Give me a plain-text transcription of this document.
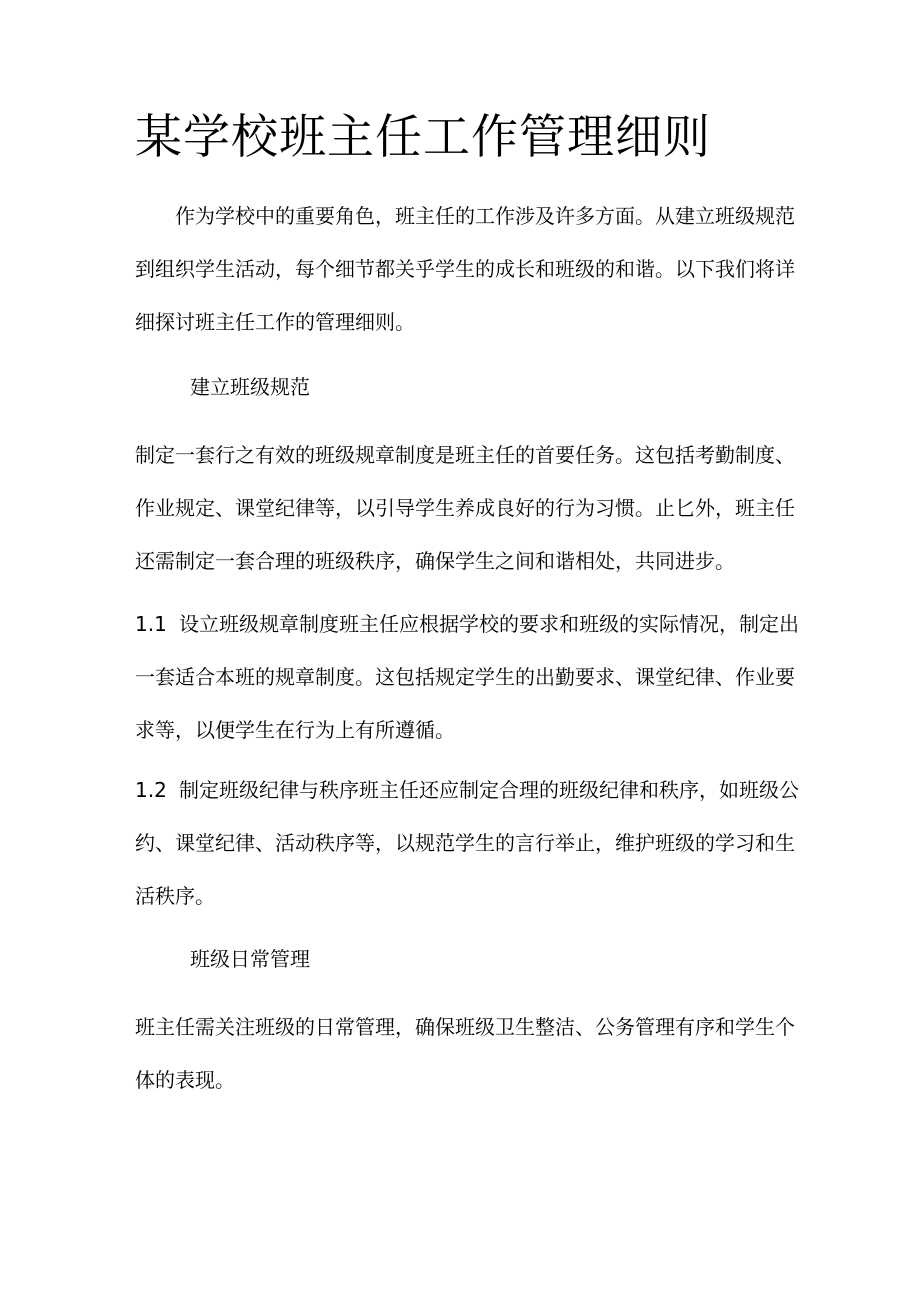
某学校班主任工作管理细则

作为学校中的重要角色，班主任的工作涉及许多方面。从建立班级规范到组织学生活动，每个细节都关乎学生的成长和班级的和谐。以下我们将详细探讨班主任工作的管理细则。

建立班级规范

制定一套行之有效的班级规章制度是班主任的首要任务。这包括考勤制度、作业规定、课堂纪律等，以引导学生养成良好的行为习惯。止匕外，班主任还需制定一套合理的班级秩序，确保学生之间和谐相处，共同进步。

1.1 设立班级规章制度班主任应根据学校的要求和班级的实际情况，制定出一套适合本班的规章制度。这包括规定学生的出勤要求、课堂纪律、作业要求等，以便学生在行为上有所遵循。

1.2 制定班级纪律与秩序班主任还应制定合理的班级纪律和秩序，如班级公约、课堂纪律、活动秩序等，以规范学生的言行举止，维护班级的学习和生活秩序。

班级日常管理

班主任需关注班级的日常管理，确保班级卫生整洁、公务管理有序和学生个体的表现。
